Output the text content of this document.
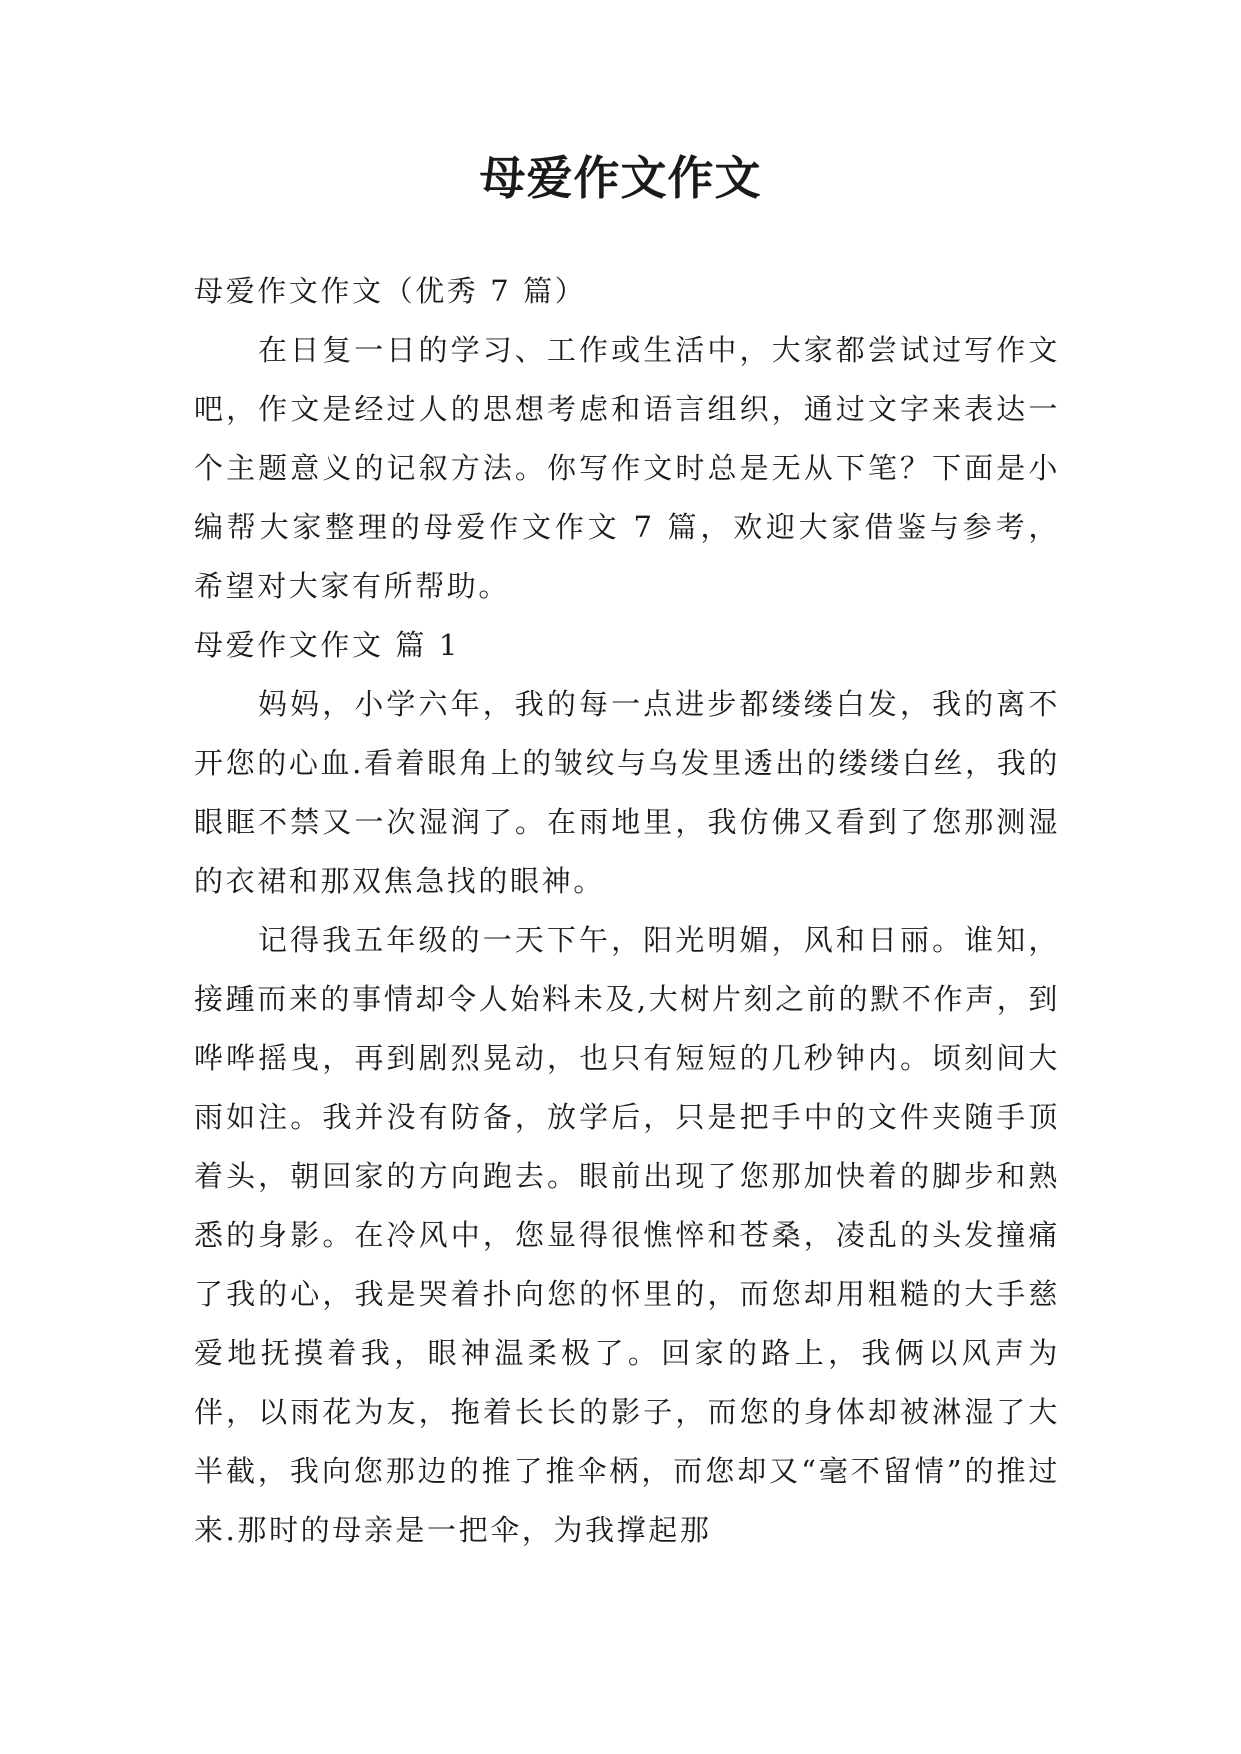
母爱作文作文

母爱作文作文（优秀 7 篇）

在日复一日的学习、工作或生活中，大家都尝试过写作文吧，作文是经过人的思想考虑和语言组织，通过文字来表达一个主题意义的记叙方法。你写作文时总是无从下笔？下面是小编帮大家整理的母爱作文作文 7 篇，欢迎大家借鉴与参考，希望对大家有所帮助。

母爱作文作文 篇 1

妈妈，小学六年，我的每一点进步都缕缕白发，我的离不开您的心血.看着眼角上的皱纹与乌发里透出的缕缕白丝，我的眼眶不禁又一次湿润了。在雨地里，我仿佛又看到了您那测湿的衣裙和那双焦急找的眼神。

记得我五年级的一天下午，阳光明媚，风和日丽。谁知，接踵而来的事情却令人始料未及,大树片刻之前的默不作声，到哗哗摇曳，再到剧烈晃动，也只有短短的几秒钟内。顷刻间大雨如注。我并没有防备，放学后，只是把手中的文件夹随手顶着头，朝回家的方向跑去。眼前出现了您那加快着的脚步和熟悉的身影。在冷风中，您显得很憔悴和苍桑，凌乱的头发撞痛了我的心，我是哭着扑向您的怀里的，而您却用粗糙的大手慈爱地抚摸着我，眼神温柔极了。回家的路上，我俩以风声为伴，以雨花为友，拖着长长的影子，而您的身体却被淋湿了大半截，我向您那边的推了推伞柄，而您却又“毫不留情”的推过来.那时的母亲是一把伞，为我撑起那
